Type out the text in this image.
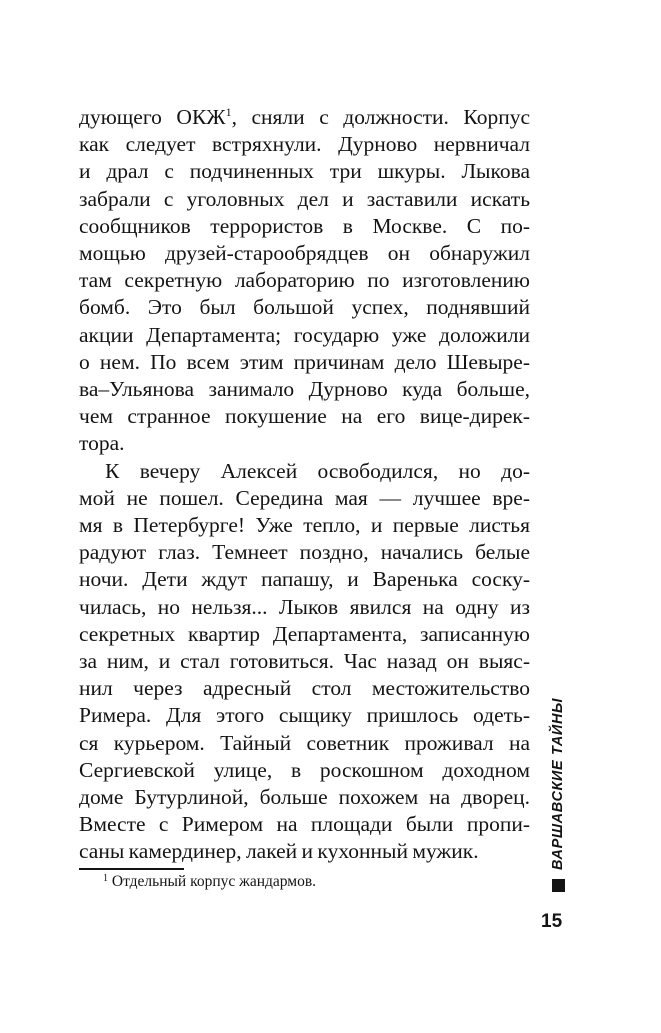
дующего ОКЖ$^1$, сняли с должности. Корпус
как следует встряхнули. Дурново нервничал
и драл с подчиненных три шкуры. Лыкова
забрали с уголовных дел и заставили искать
сообщников террористов в Москве. С по-
мощью друзей-старообрядцев он обнаружил
там секретную лабораторию по изготовлению
бомб. Это был большой успех, поднявший
акции Департамента; государю уже доложили
о нем. По всем этим причинам дело Шевыре-
ва–Ульянова занимало Дурново куда больше,
чем странное покушение на его вице-дирек-
тора.
К вечеру Алексей освободился, но до-
мой не пошел. Середина мая — лучшее вре-
мя в Петербурге! Уже тепло, и первые листья
радуют глаз. Темнеет поздно, начались белые
ночи. Дети ждут папашу, и Варенька соску-
чилась, но нельзя... Лыков явился на одну из
секретных квартир Департамента, записанную
за ним, и стал готовиться. Час назад он выяс-
нил через адресный стол местожительство
Римера. Для этого сыщику пришлось одеть-
ся курьером. Тайный советник проживал на
Сергиевской улице, в роскошном доходном
доме Бутурлиной, больше похожем на дворец.
Вместе с Римером на площади были пропи-
саны камердинер, лакей и кухонный мужик.
$^1$ Отдельный корпус жандармов.
ВАРШАВСКИЕ ТАЙНЫ
15
